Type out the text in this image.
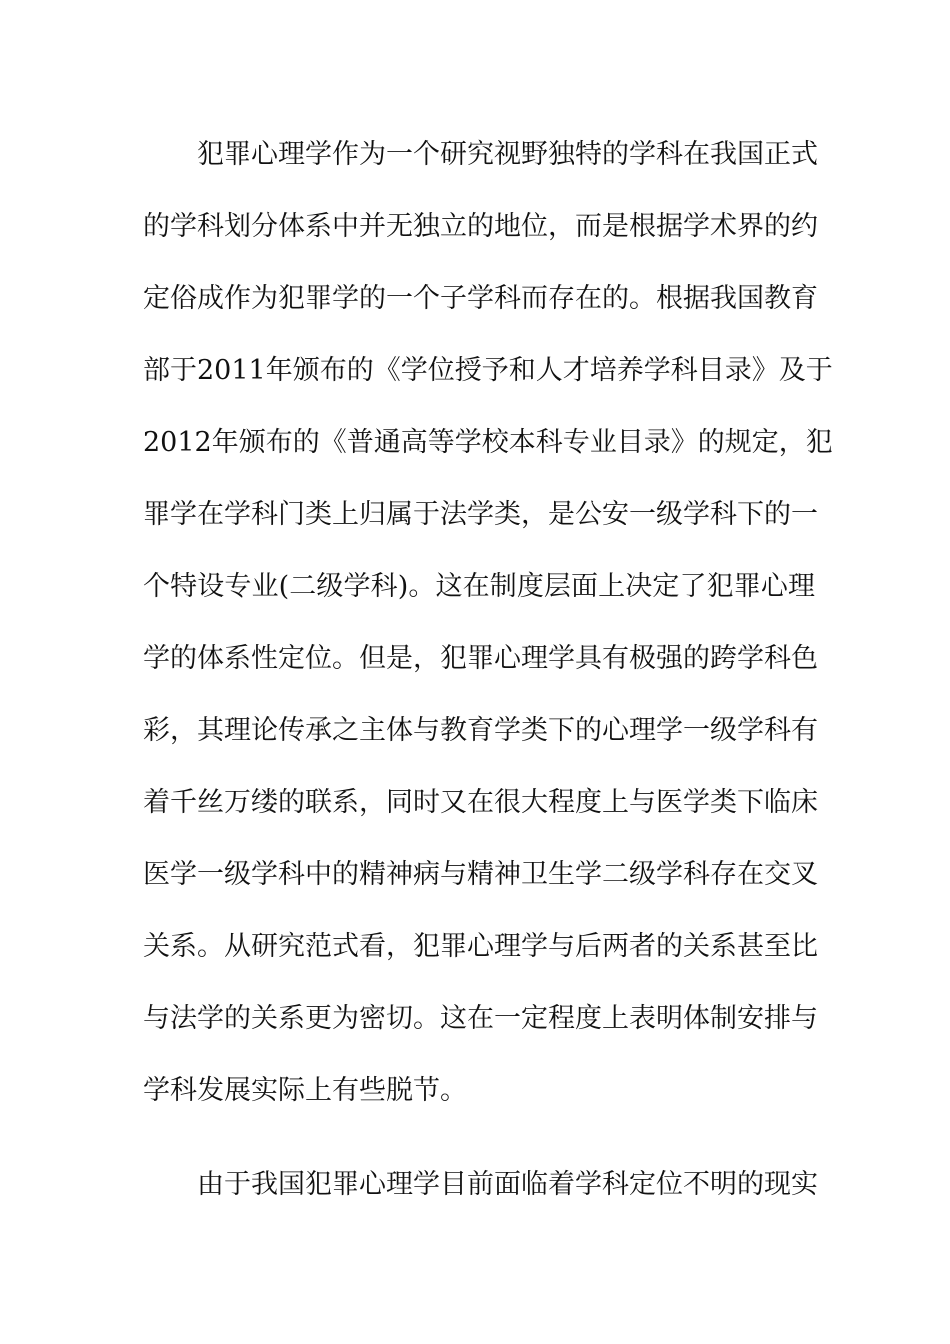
犯罪心理学作为一个研究视野独特的学科在我国正式
的学科划分体系中并无独立的地位，而是根据学术界的约
定俗成作为犯罪学的一个子学科而存在的。根据我国教育
部于2011年颁布的《学位授予和人才培养学科目录》及于
2012年颁布的《普通高等学校本科专业目录》的规定，犯
罪学在学科门类上归属于法学类，是公安一级学科下的一
个特设专业(二级学科)。这在制度层面上决定了犯罪心理
学的体系性定位。但是，犯罪心理学具有极强的跨学科色
彩，其理论传承之主体与教育学类下的心理学一级学科有
着千丝万缕的联系，同时又在很大程度上与医学类下临床
医学一级学科中的精神病与精神卫生学二级学科存在交叉
关系。从研究范式看，犯罪心理学与后两者的关系甚至比
与法学的关系更为密切。这在一定程度上表明体制安排与
学科发展实际上有些脱节。
由于我国犯罪心理学目前面临着学科定位不明的现实
